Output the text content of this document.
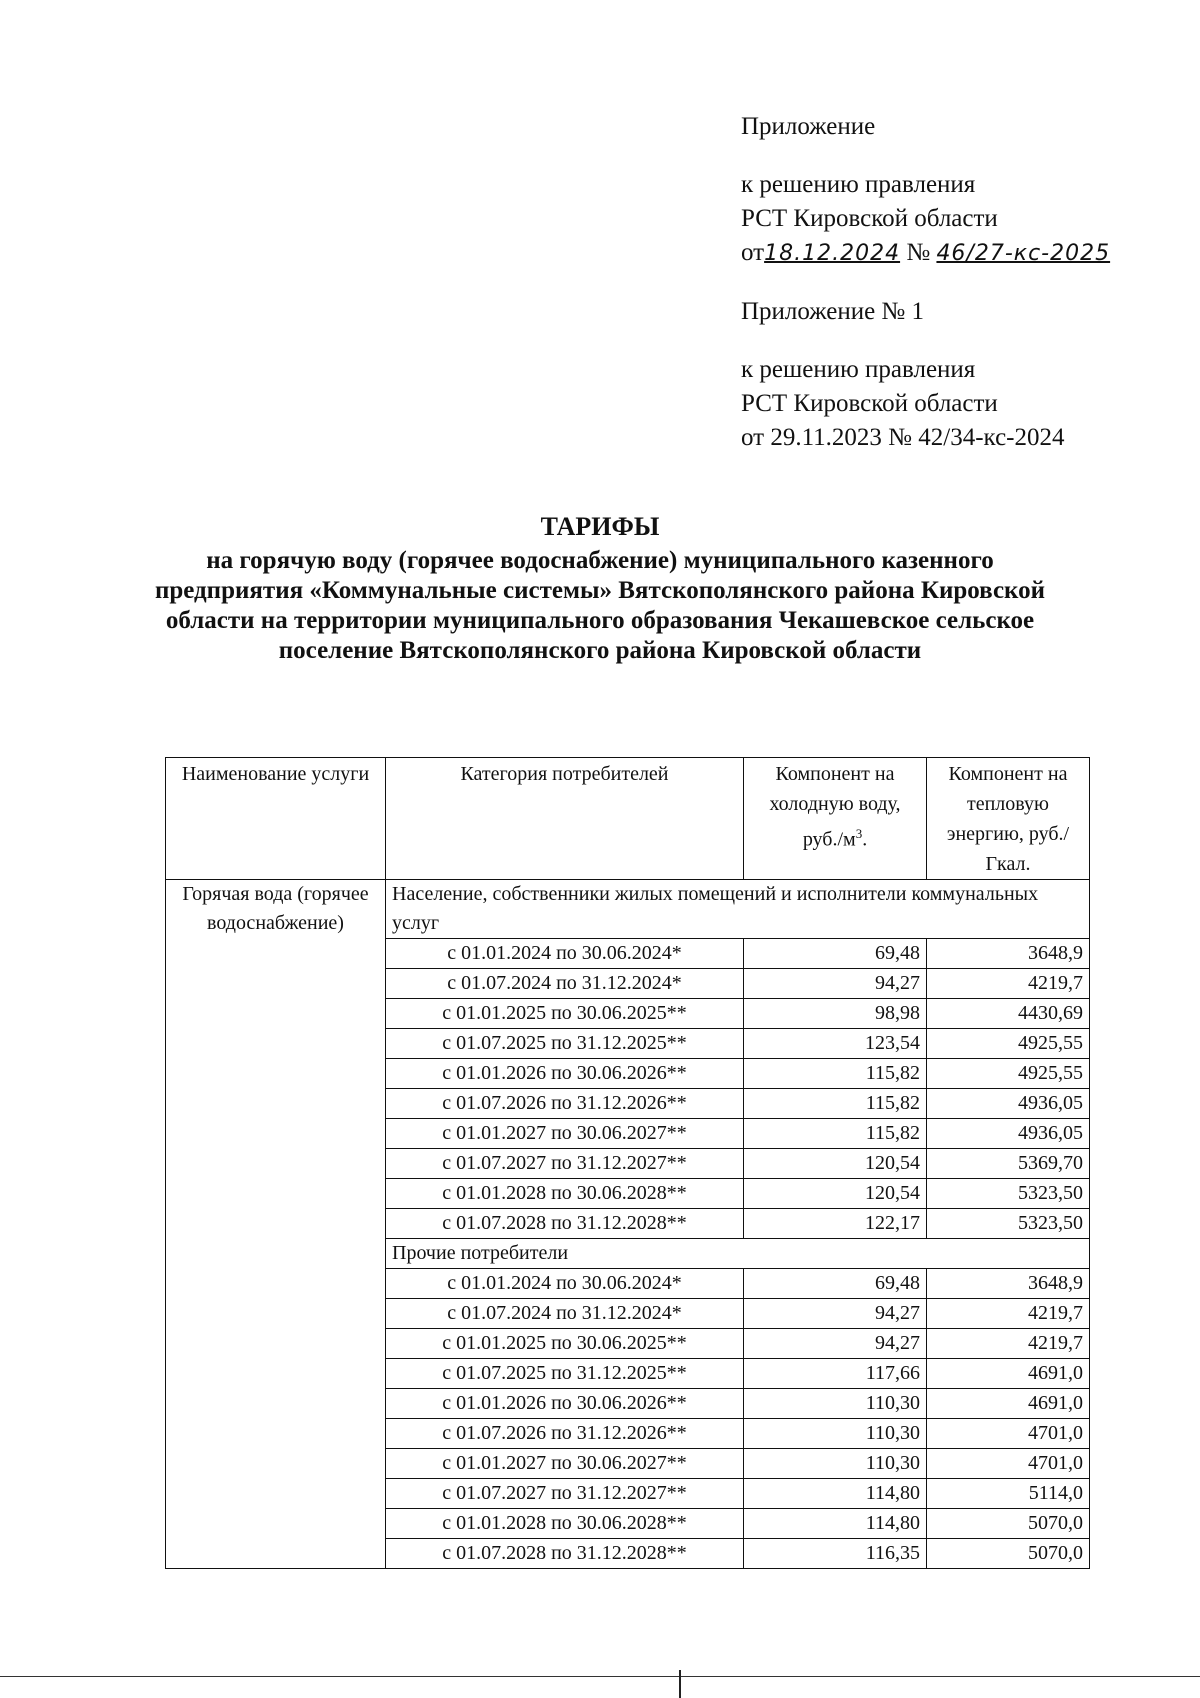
Приложение
к решению правления
РСТ Кировской области
от18.12.2024 № 46/27-кс-2025
Приложение № 1
к решению правления
РСТ Кировской области
от 29.11.2023 № 42/34-кс-2024
ТАРИФЫ
на горячую воду (горячее водоснабжение) муниципального казенного предприятия «Коммунальные системы» Вятскополянского района Кировской области на территории муниципального образования Чекашевское сельское поселение Вятскополянского района Кировской области
Наименование услуги	Категория потребителей	Компонент на холодную воду, $руб./м^3$.	Компонент на тепловую энергию, руб./Гкал.
Горячая вода (горячее водоснабжение)	Население, собственники жилых помещений и исполнители коммунальных услуг		
	с 01.01.2024 по 30.06.2024*	69,48	3648,9
	с 01.07.2024 по 31.12.2024*	94,27	4219,7
	с 01.01.2025 по 30.06.2025**	98,98	4430,69
	с 01.07.2025 по 31.12.2025**	123,54	4925,55
	с 01.01.2026 по 30.06.2026**	115,82	4925,55
	с 01.07.2026 по 31.12.2026**	115,82	4936,05
	с 01.01.2027 по 30.06.2027**	115,82	4936,05
	с 01.07.2027 по 31.12.2027**	120,54	5369,70
	с 01.01.2028 по 30.06.2028**	120,54	5323,50
	с 01.07.2028 по 31.12.2028**	122,17	5323,50
	Прочие потребители		
	с 01.01.2024 по 30.06.2024*	69,48	3648,9
	с 01.07.2024 по 31.12.2024*	94,27	4219,7
	с 01.01.2025 по 30.06.2025**	94,27	4219,7
	с 01.07.2025 по 31.12.2025**	117,66	4691,0
	с 01.01.2026 по 30.06.2026**	110,30	4691,0
	с 01.07.2026 по 31.12.2026**	110,30	4701,0
	с 01.01.2027 по 30.06.2027**	110,30	4701,0
	с 01.07.2027 по 31.12.2027**	114,80	5114,0
	с 01.01.2028 по 30.06.2028**	114,80	5070,0
	с 01.07.2028 по 31.12.2028**	116,35	5070,0
